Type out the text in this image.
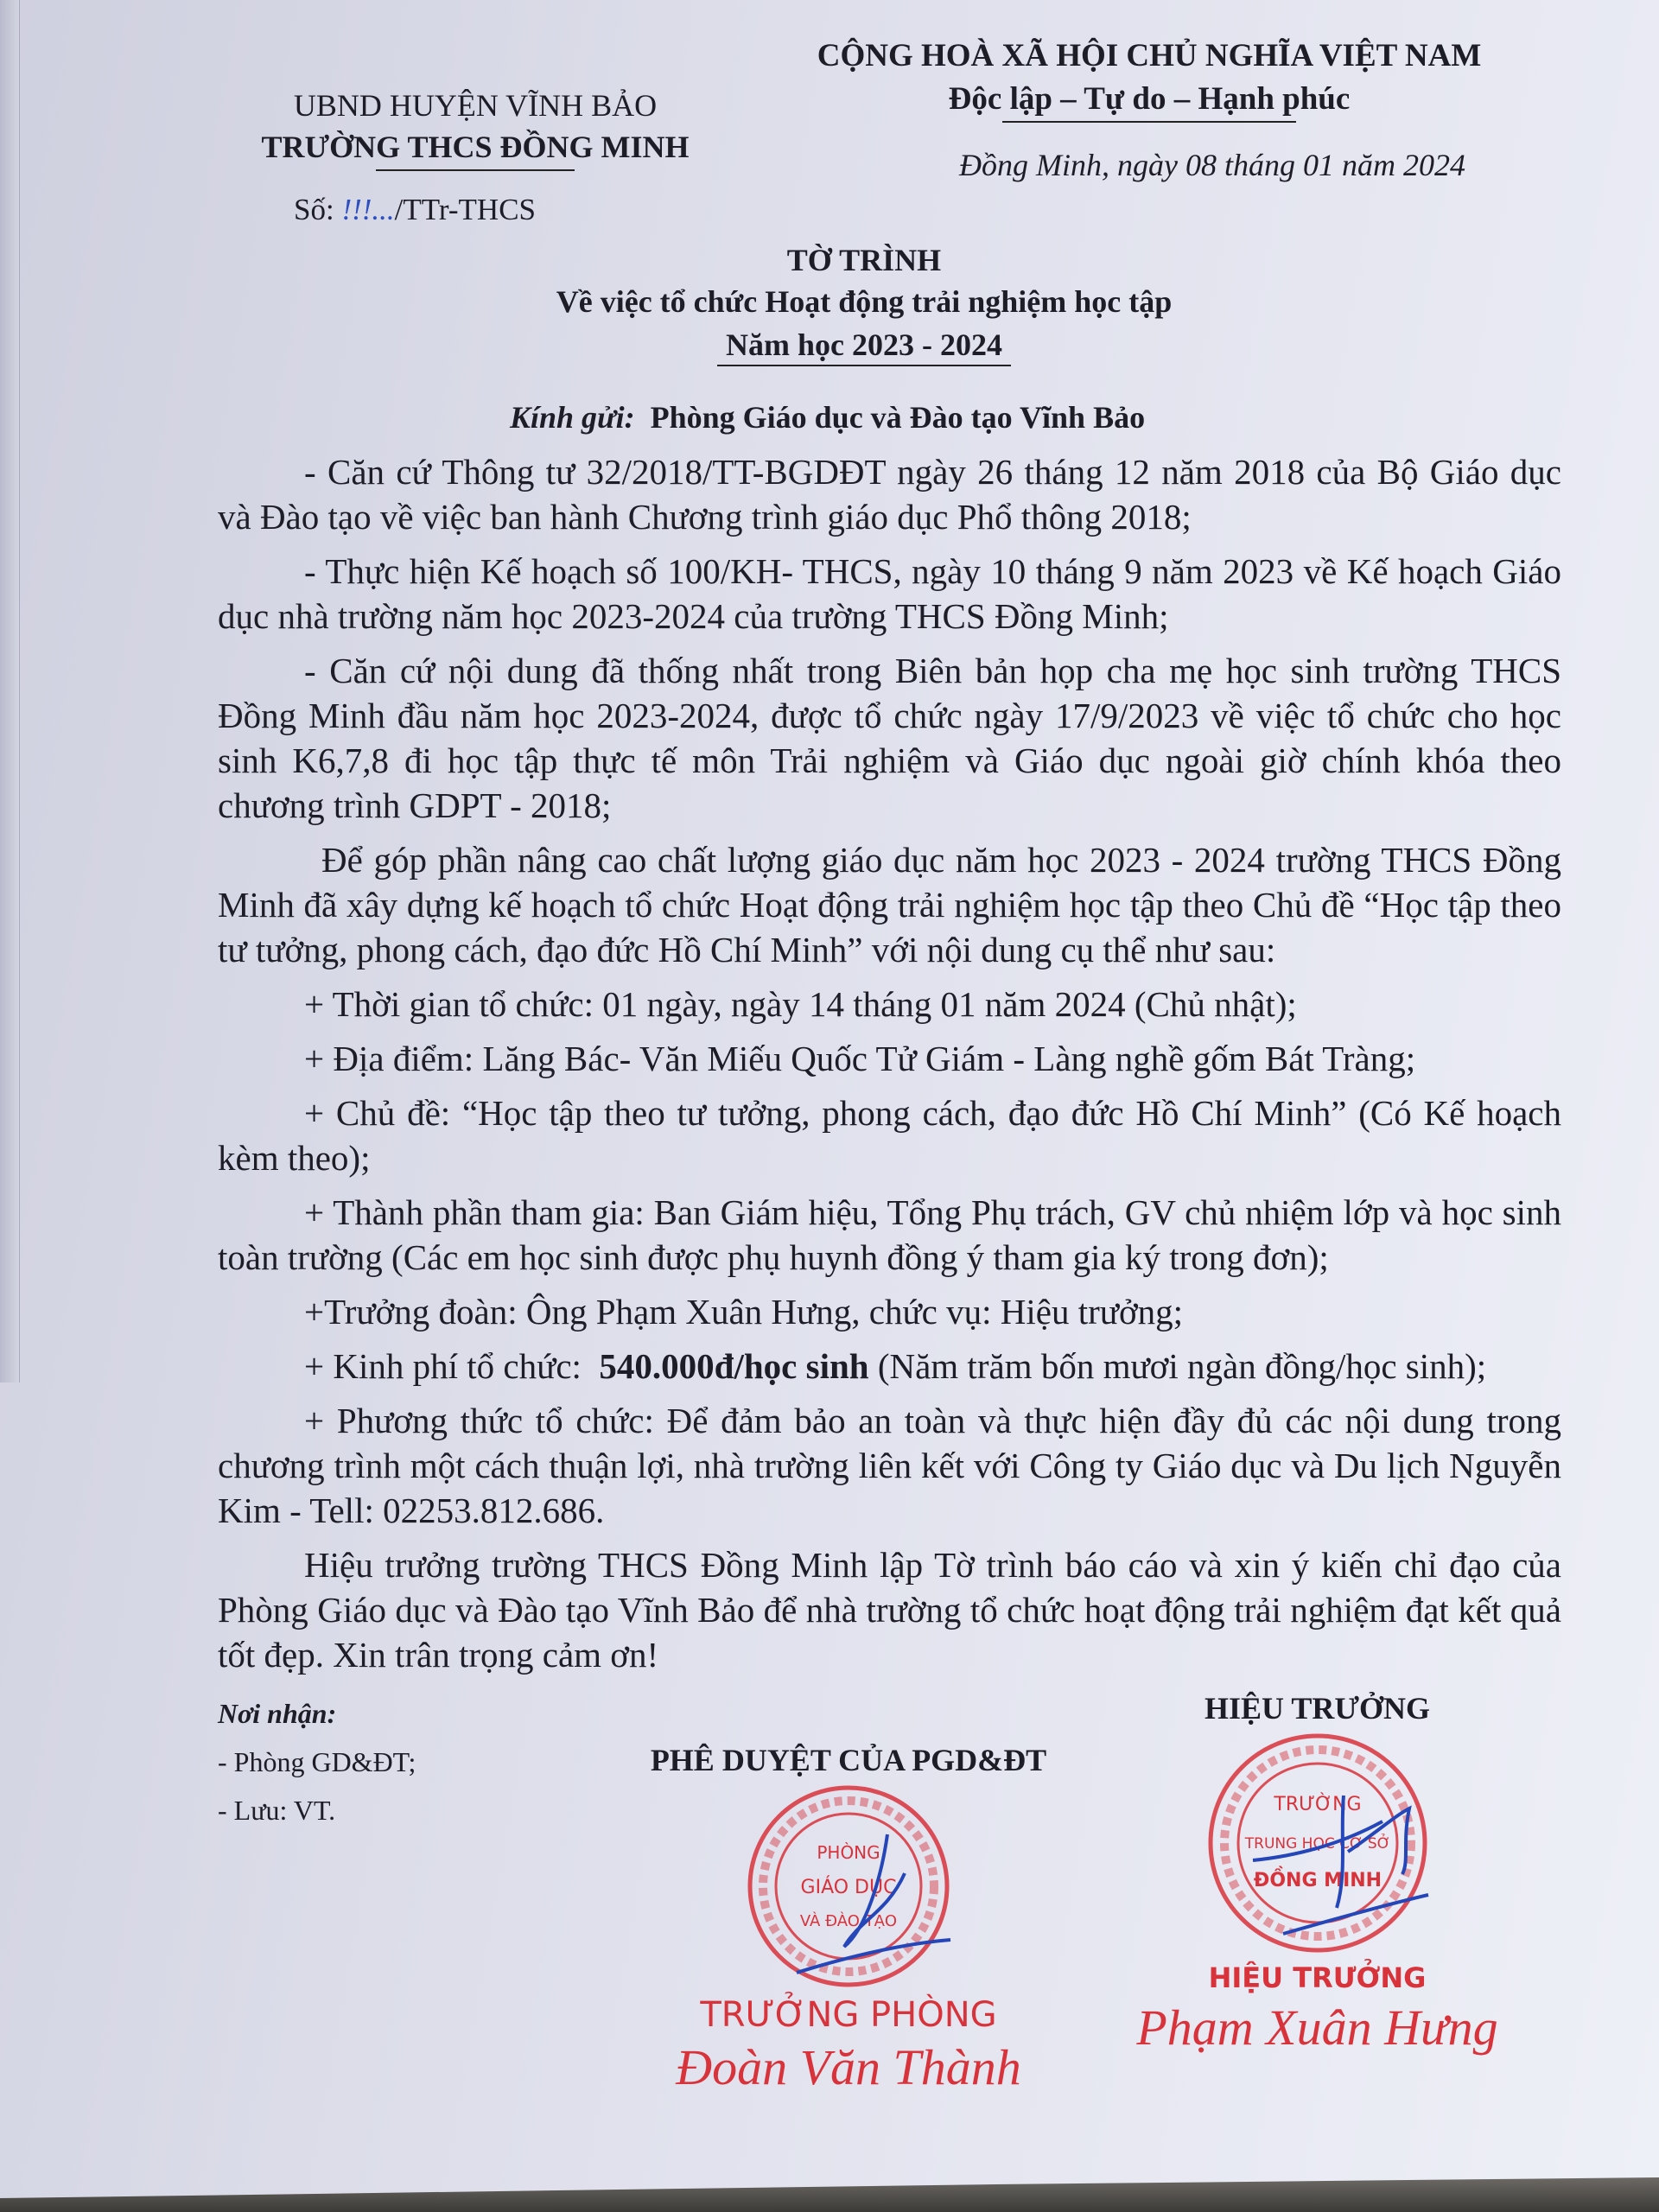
UBND HUYỆN VĨNH BẢO
TRƯỜNG THCS ĐỒNG MINH
CỘNG HOÀ XÃ HỘI CHỦ NGHĨA VIỆT NAM
Độc lập – Tự do – Hạnh phúc
Số: !!!.../TTr-THCS
Đồng Minh, ngày 08 tháng 01 năm 2024
TỜ TRÌNH
Về việc tổ chức Hoạt động trải nghiệm học tập
Năm học 2023 - 2024
Kính gửi: Phòng Giáo dục và Đào tạo Vĩnh Bảo

- Căn cứ Thông tư 32/2018/TT-BGDĐT ngày 26 tháng 12 năm 2018 của Bộ Giáo dục và Đào tạo về việc ban hành Chương trình giáo dục Phổ thông 2018;

- Thực hiện Kế hoạch số 100/KH- THCS, ngày 10 tháng 9 năm 2023 về Kế hoạch Giáo dục nhà trường năm học 2023-2024 của trường THCS Đồng Minh;

- Căn cứ nội dung đã thống nhất trong Biên bản họp cha mẹ học sinh trường THCS Đồng Minh đầu năm học 2023-2024, được tổ chức ngày 17/9/2023 về việc tổ chức cho học sinh K6,7,8 đi học tập thực tế môn Trải nghiệm và Giáo dục ngoài giờ chính khóa theo chương trình GDPT - 2018;

Để góp phần nâng cao chất lượng giáo dục năm học 2023 - 2024 trường THCS Đồng Minh đã xây dựng kế hoạch tổ chức Hoạt động trải nghiệm học tập theo Chủ đề “Học tập theo tư tưởng, phong cách, đạo đức Hồ Chí Minh” với nội dung cụ thể như sau:

+ Thời gian tổ chức: 01 ngày, ngày 14 tháng 01 năm 2024 (Chủ nhật);

+ Địa điểm: Lăng Bác- Văn Miếu Quốc Tử Giám - Làng nghề gốm Bát Tràng;

+ Chủ đề: “Học tập theo tư tưởng, phong cách, đạo đức Hồ Chí Minh” (Có Kế hoạch kèm theo);

+ Thành phần tham gia: Ban Giám hiệu, Tổng Phụ trách, GV chủ nhiệm lớp và học sinh toàn trường (Các em học sinh được phụ huynh đồng ý tham gia ký trong đơn);

+Trưởng đoàn: Ông Phạm Xuân Hưng, chức vụ: Hiệu trưởng;

+ Kinh phí tổ chức: 540.000đ/học sinh (Năm trăm bốn mươi ngàn đồng/học sinh);

+ Phương thức tổ chức: Để đảm bảo an toàn và thực hiện đầy đủ các nội dung trong chương trình một cách thuận lợi, nhà trường liên kết với Công ty Giáo dục và Du lịch Nguyễn Kim - Tell: 02253.812.686.

Hiệu trưởng trường THCS Đồng Minh lập Tờ trình báo cáo và xin ý kiến chỉ đạo của Phòng Giáo dục và Đào tạo Vĩnh Bảo để nhà trường tổ chức hoạt động trải nghiệm đạt kết quả tốt đẹp. Xin trân trọng cảm ơn!

Nơi nhận:
- Phòng GD&ĐT;
- Lưu: VT.
PHÊ DUYỆT CỦA PGD&ĐT
PHÒNG
GIÁO DỤC
VÀ ĐÀO TẠO
TRƯỞNG PHÒNG
Đoàn Văn Thành
HIỆU TRƯỞNG
TRƯỜNG
TRUNG HỌC CƠ SỞ
ĐỒNG MINH
HIỆU TRƯỞNG
Phạm Xuân Hưng
